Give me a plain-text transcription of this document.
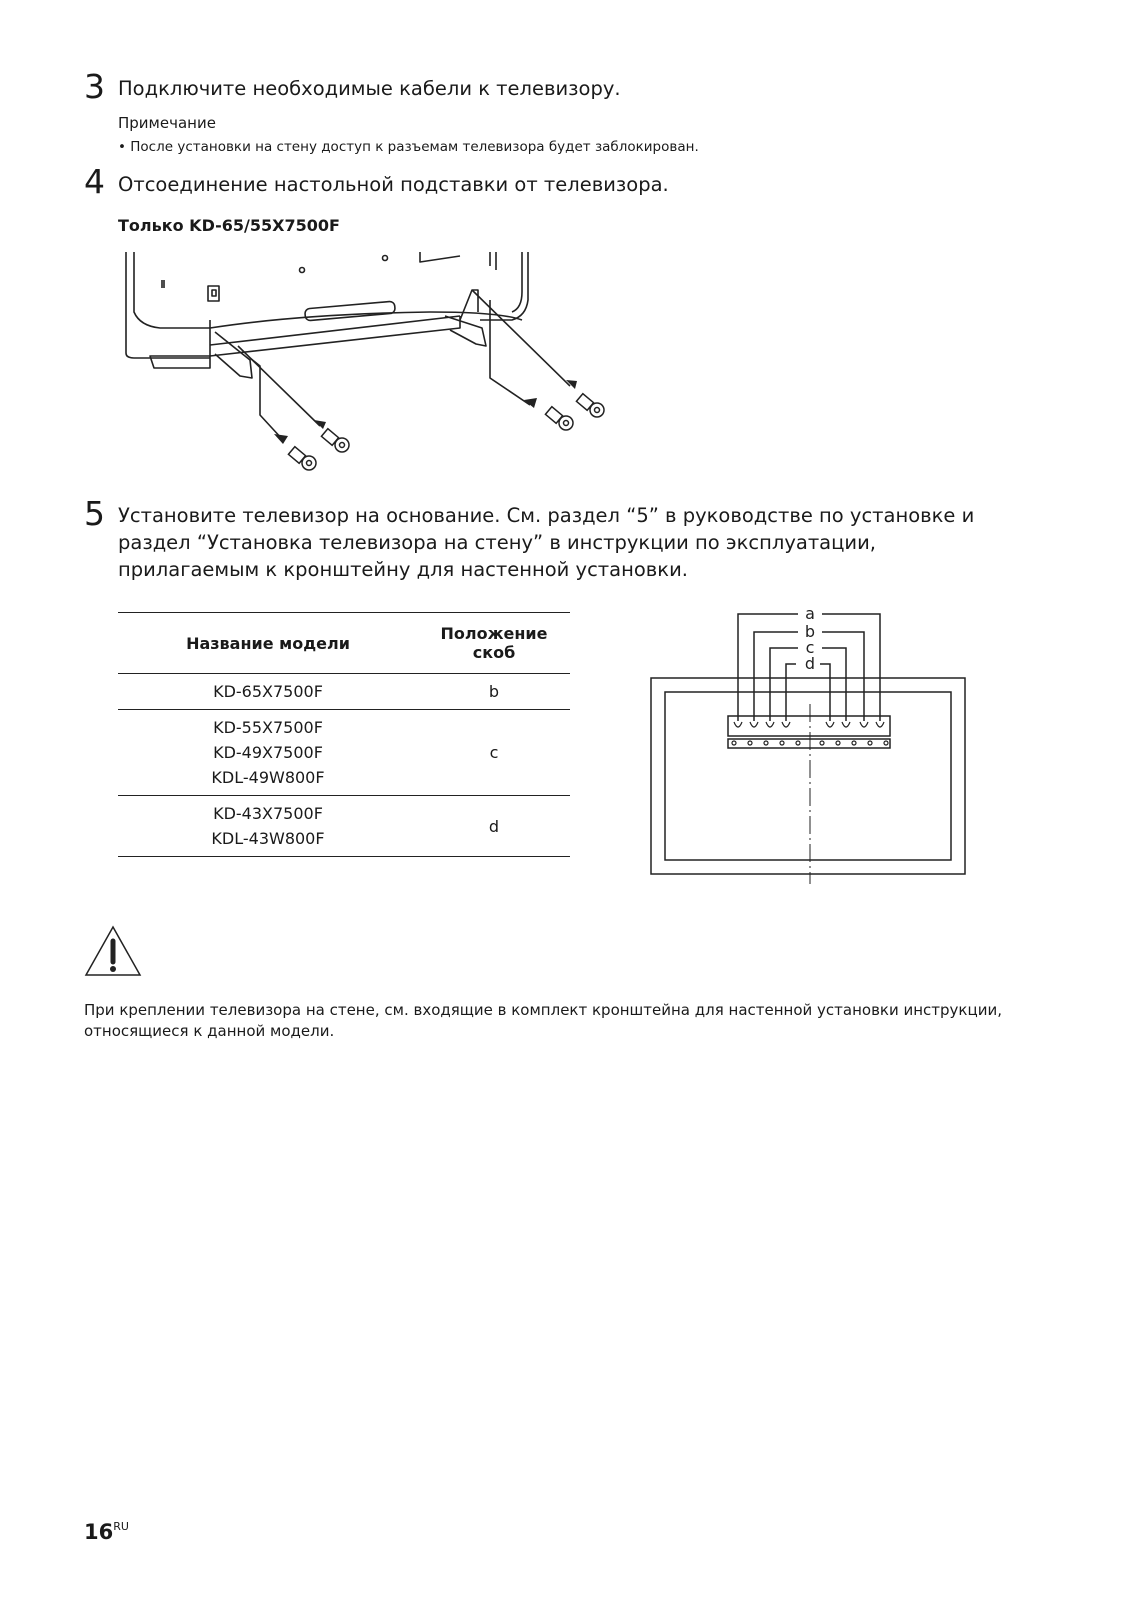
3 Подключите необходимые кабели к телевизору.
Примечание
• После установки на стену доступ к разъемам телевизора будет заблокирован.
4 Отсоединение настольной подставки от телевизора.
Только KD-65/55X7500F
5 Установите телевизор на основание. См. раздел “5” в руководстве по установке и
раздел “Установка телевизора на стену” в инструкции по эксплуатации,
прилагаемым к кронштейну для настенной установки.
Название модели	Положение
скоб

KD-65X7500F	b

KD-55X7500F
KD-49X7500F
KDL-49W800F	c

KD-43X7500F
KDL-43W800F	d
a
b
c
d
При креплении телевизора на стене, см. входящие в комплект кронштейна для настенной установки инструкции, относящиеся к данной модели.
$16^{RU}$
